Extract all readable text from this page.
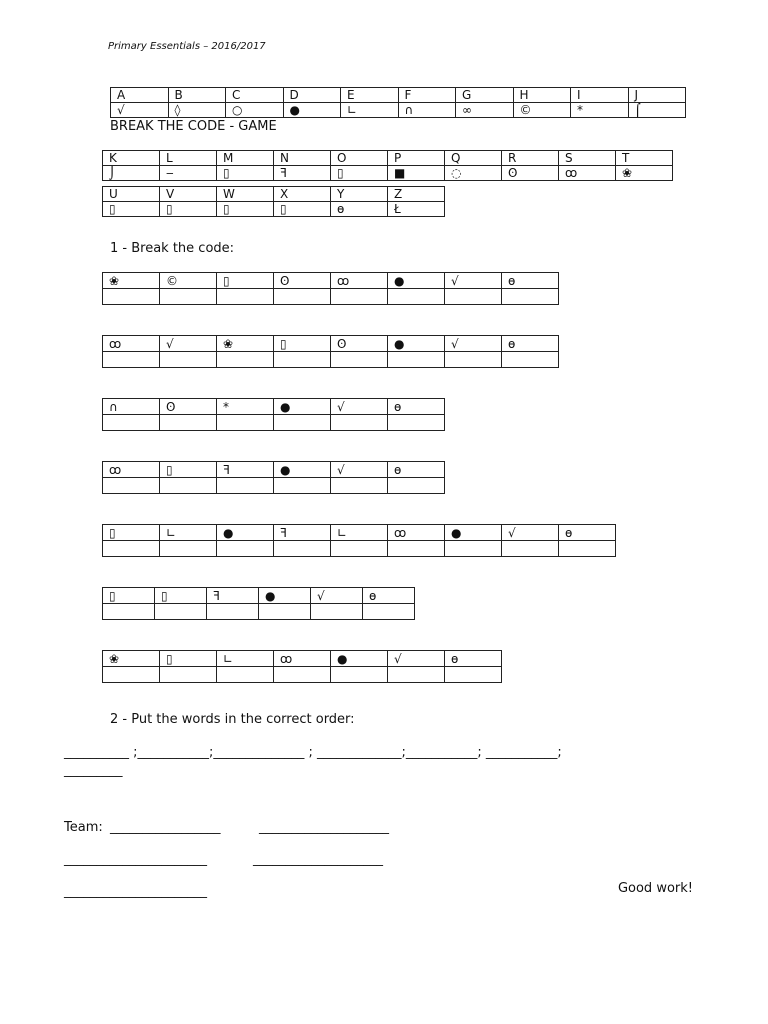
Primary Essentials – 2016/2017
A	B	C	D	E	F	G	H	I	J
√	◊	○	●	∟	∩	∞	©	*	⌠
BREAK THE CODE - GAME
K	L	M	N	O	P	Q	R	S	T
⌡	‒	▯	ꟻ	▯	■	◌	ʘ	ꝏ	❀
U	V	W	X	Y	Z
▯	▯	▯	▯	ɵ	Ł
1 - Break the code:
❀	©	▯	ʘ	ꝏ	●	√	ɵ

ꝏ	√	❀	▯	ʘ	●	√	ɵ

∩	ʘ	*	●	√	ɵ

ꝏ	▯	ꟻ	●	√	ɵ

▯	∟	●	ꟻ	∟	ꝏ	●	√	ɵ

▯	▯	ꟻ	●	√	ɵ

❀	▯	∟	ꝏ	●	√	ɵ

2 - Put the words in the correct order:
__________ ;___________;______________ ; _____________;___________; ___________;
_________
Team: _________________	____________________
______________________	____________________
______________________	Good work!
